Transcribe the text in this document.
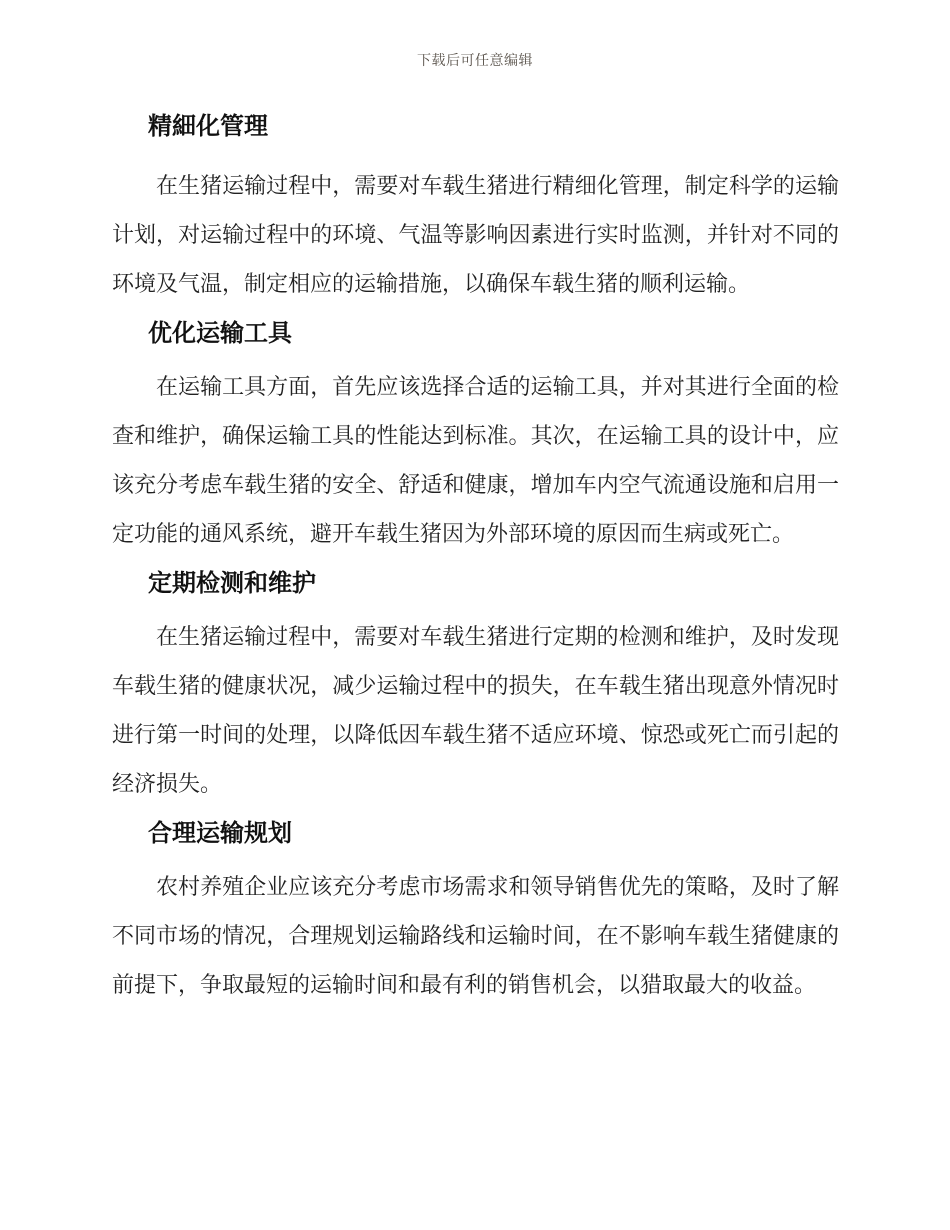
下载后可任意编辑
精細化管理

在生猪运输过程中，需要对车载生猪进行精细化管理，制定科学的运输计划，对运输过程中的环境、气温等影响因素进行实时监测，并针对不同的环境及气温，制定相应的运输措施，以确保车载生猪的顺利运输。

优化运输工具

在运输工具方面，首先应该选择合适的运输工具，并对其进行全面的检查和维护，确保运输工具的性能达到标准。其次，在运输工具的设计中，应该充分考虑车载生猪的安全、舒适和健康，增加车内空气流通设施和启用一定功能的通风系统，避开车载生猪因为外部环境的原因而生病或死亡。

定期检测和维护

在生猪运输过程中，需要对车载生猪进行定期的检测和维护，及时发现车载生猪的健康状况，减少运输过程中的损失，在车载生猪出现意外情况时进行第一时间的处理，以降低因车载生猪不适应环境、惊恐或死亡而引起的经济损失。

合理运输规划

农村养殖企业应该充分考虑市场需求和领导销售优先的策略，及时了解不同市场的情况，合理规划运输路线和运输时间，在不影响车载生猪健康的前提下，争取最短的运输时间和最有利的销售机会，以猎取最大的收益。
